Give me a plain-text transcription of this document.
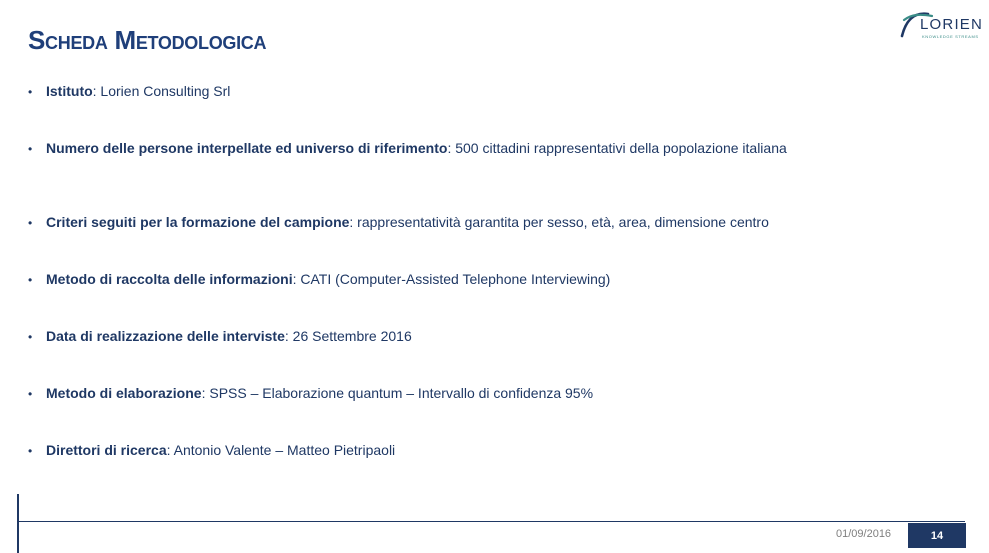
Scheda Metodologica
LORIEN
KNOWLEDGE STREAMS
• Istituto: Lorien Consulting Srl
• Numero delle persone interpellate ed universo di riferimento: 500 cittadini rappresentativi della popolazione italiana
• Criteri seguiti per la formazione del campione: rappresentatività garantita per sesso, età, area, dimensione centro
• Metodo di raccolta delle informazioni: CATI (Computer-Assisted Telephone Interviewing)
• Data di realizzazione delle interviste: 26 Settembre 2016
• Metodo di elaborazione: SPSS – Elaborazione quantum – Intervallo di confidenza 95%
• Direttori di ricerca: Antonio Valente – Matteo Pietripaoli
01/09/2016	14
